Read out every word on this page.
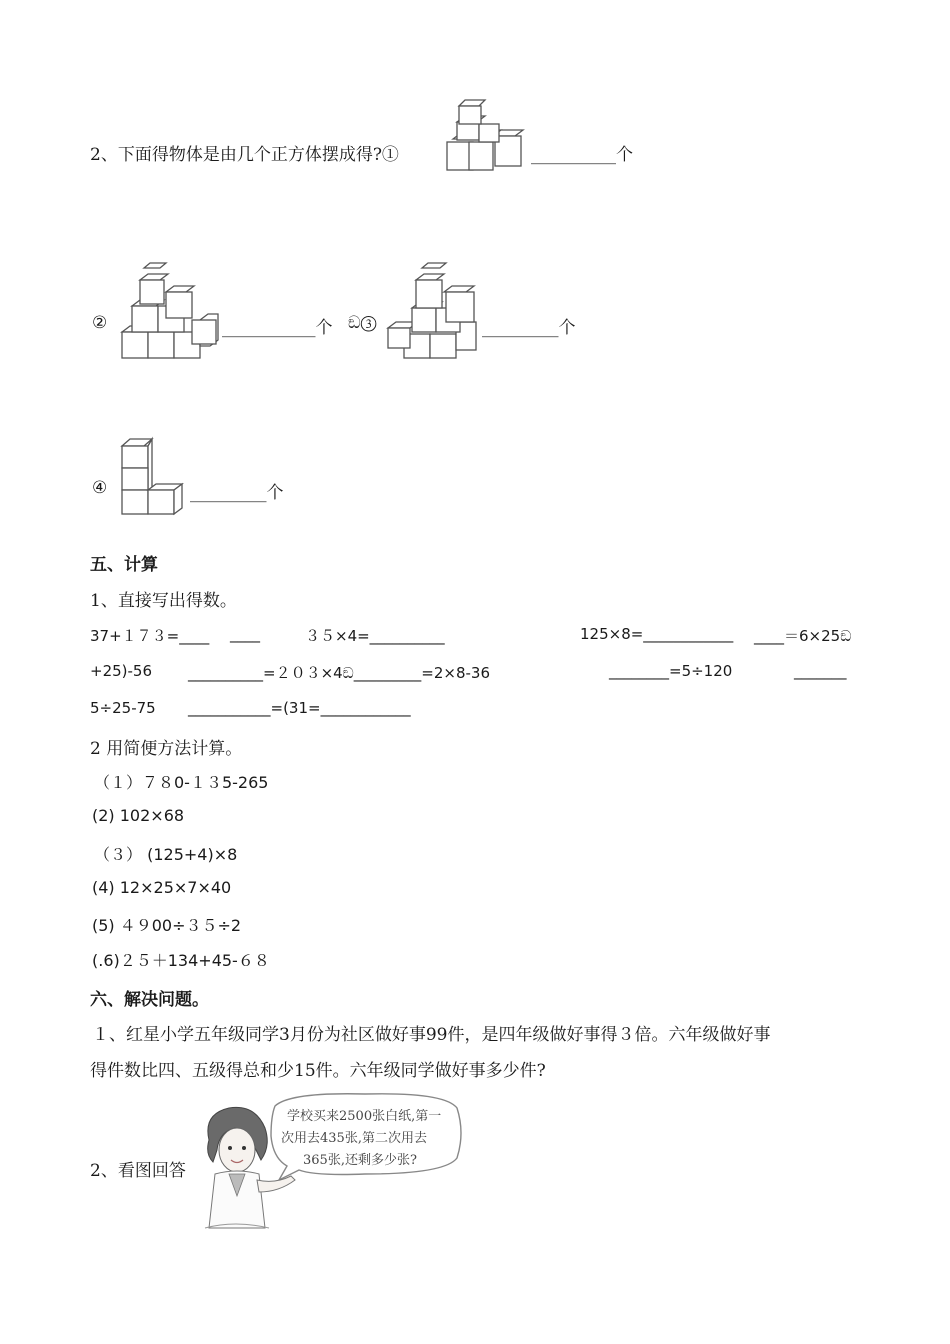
2、下面得物体是由几个正方体摆成得?①	__________个
②	___________个 ඞ③	_________个
④	_________个
五、计算
1、直接写出得数。
37+１７３=____ ____	３５×4=__________	125×8=____________ ____＝6×25ඞ
+25)-56 __________=２０３×4ඞ_________=2×8-36	________=5÷120	_______
5÷25-75 ___________=(31=____________
2 用简便方法计算。
（１）７８0-１３5-265
(2) 102×68
（３） (125+4)×8
(4) 12×25×7×40
(5) ４９00÷３５÷2
(.6)２５＋134+45-６８
六、解决问题。
１、红星小学五年级同学3月份为社区做好事99件，是四年级做好事得３倍。六年级做好事
得件数比四、五级得总和少15件。六年级同学做好事多少件?
2、看图回答
学校买来2500张白纸,第一
次用去435张,第二次用去
365张,还剩多少张?
